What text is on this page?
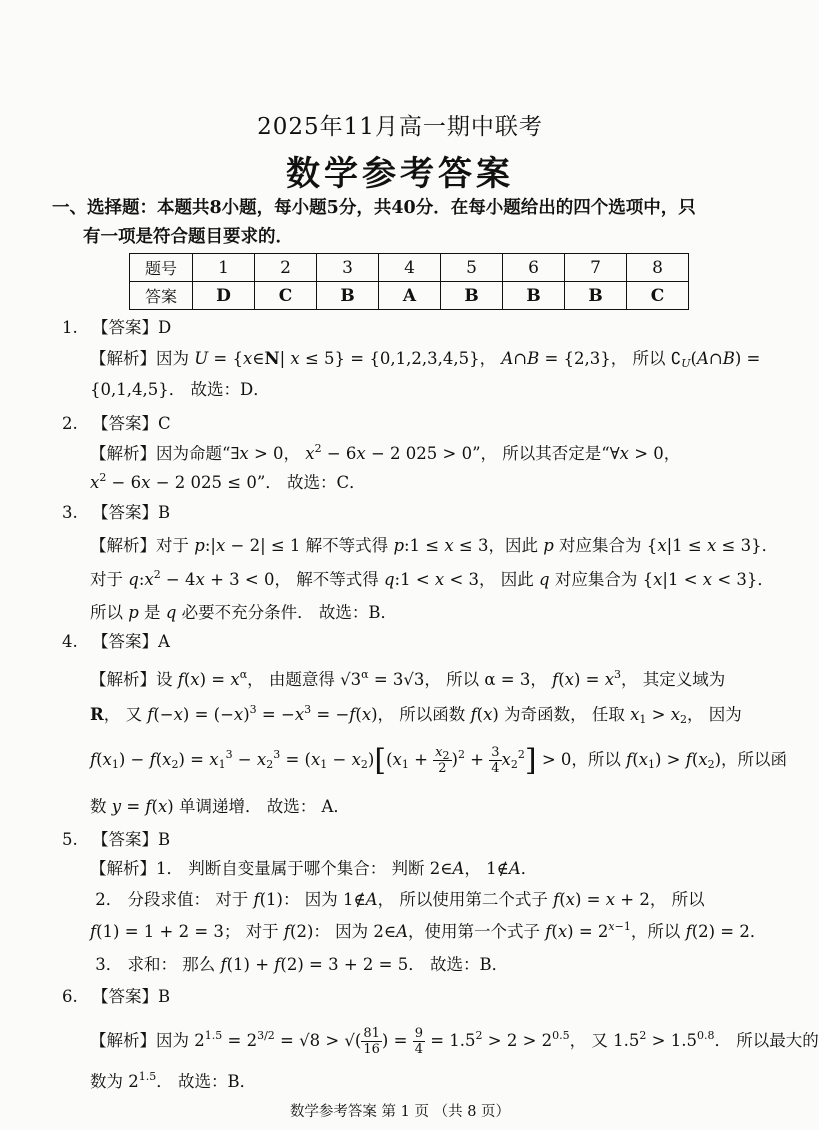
2025年11月高一期中联考
数学参考答案
一、选择题：本题共8小题，每小题5分，共40分．在每小题给出的四个选项中，只
有一项是符合题目要求的．
题号	1	2	3	4	5	6	7	8
答案	D	C	B	A	B	B	B	C
1. 【答案】D
【解析】因为 U = {x∈N| x ≤ 5} = {0,1,2,3,4,5}， A∩B = {2,3}， 所以 $∁_U(A\cap B)$ =
{0,1,4,5}． 故选：D．
2. 【答案】C
【解析】因为命题“∃x > 0， $x^2 - 6x - 2$ 025 > 0”， 所以其否定是“∀x > 0，
$x^2 - 6x - 2$ 025 ≤ 0”． 故选：C．
3. 【答案】B
【解析】对于 p:|x − 2| ≤ 1 解不等式得 p:1 ≤ x ≤ 3，因此 p 对应集合为 {x|1 ≤ x ≤ 3}．
对于 $q:x^2 - 4x + 3 < 0$， 解不等式得 q:1 < x < 3， 因此 q 对应集合为 {x|1 < x < 3}．
所以 p 是 q 必要不充分条件． 故选：B．
4. 【答案】A
【解析】设 $f(x) = x^\alpha$， 由题意得 $√3^\alpha = 3√3$， 所以 α = 3， $f(x) = x^3$， 其定义域为
R， 又 $f(-x) = (-x)^3 = -x^3 = -f(x)$， 所以函数 f(x) 为奇函数， 任取 $x_1 > x_2$， 因为
$f(x_1) - f(x_2) = x_1^3 - x_2^3 = (x_1 - x_2)[(x_1 + \frac{x_2}{2} )^2 + \frac{3}{4} x_2^2] > 0$，所以 $f(x_1) > f(x_2)$，所以函
数 y = f(x) 单调递增． 故选： A．
5. 【答案】B
【解析】1． 判断自变量属于哪个集合： 判断 2∈A， 1∉A．
2． 分段求值： 对于 f(1)： 因为 1∉A， 所以使用第二个式子 f(x) = x + 2， 所以
f(1) = 1 + 2 = 3； 对于 f(2)： 因为 2∈A，使用第一个式子 $f(x) = 2^{x-1}$，所以 f(2) = 2．
3． 求和： 那么 f(1) + f(2) = 3 + 2 = 5． 故选：B．
6. 【答案】B
【解析】因为 $2^{1.5} = 2^{3/2} = √8$ > √( $\frac{81}{16}$ ) = $\frac{9}{4} = 1.5^2 > 2 > 2^{0.5}$， 又 $1.5^2 > 1.5^{0.8}$． 所以最大的
数为 $2^{1.5}$． 故选：B．
数学参考答案 第 1 页 （共 8 页）
